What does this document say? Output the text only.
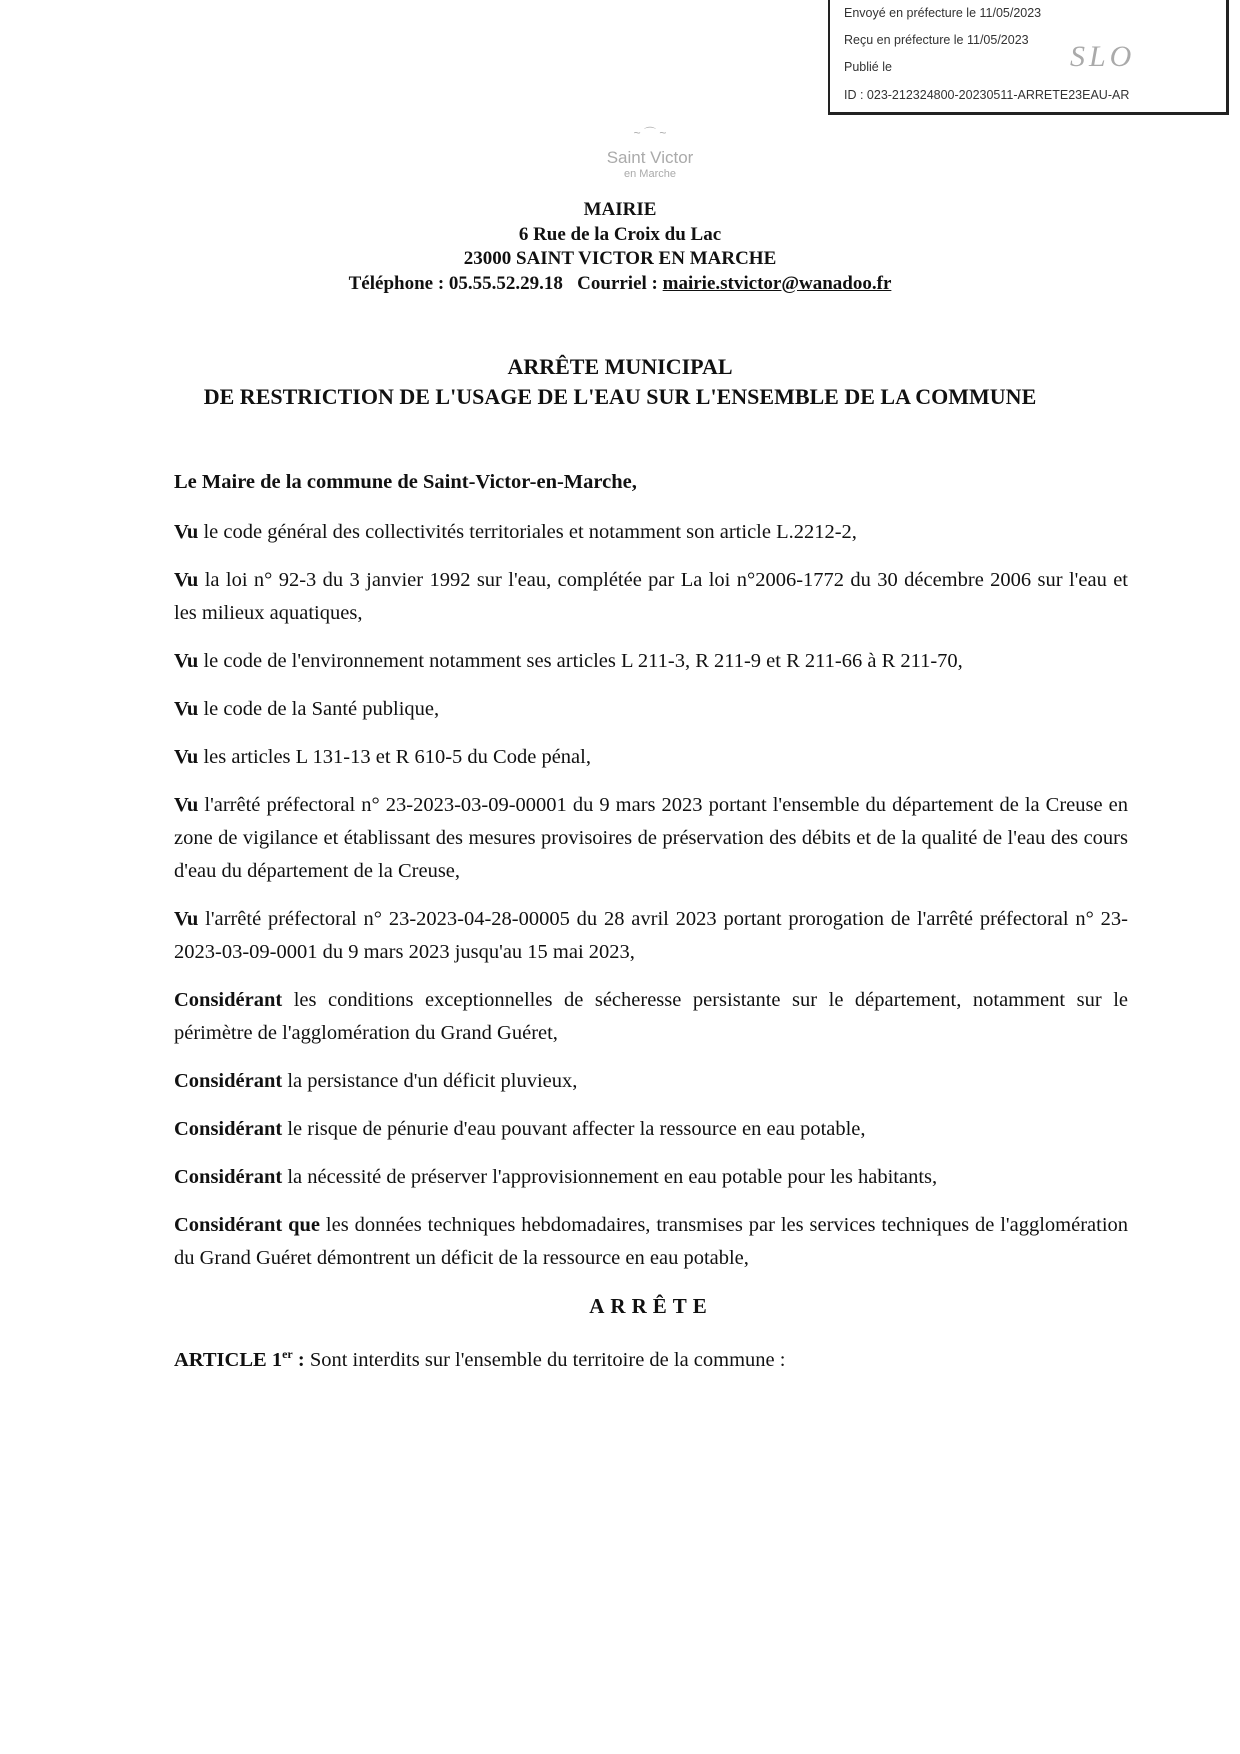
Envoyé en préfecture le 11/05/2023
Reçu en préfecture le 11/05/2023
Publié le	SLO
ID : 023-212324800-20230511-ARRETE23EAU-AR
~ ⌒ ~
Saint Victor
en Marche
MAIRIE
6 Rue de la Croix du Lac
23000 SAINT VICTOR EN MARCHE
Téléphone : 05.55.52.29.18 Courriel : mairie.stvictor@wanadoo.fr
ARRÊTE MUNICIPAL
DE RESTRICTION DE L'USAGE DE L'EAU SUR L'ENSEMBLE DE LA COMMUNE

Le Maire de la commune de Saint-Victor-en-Marche,

Vu le code général des collectivités territoriales et notamment son article L.2212-2,

Vu la loi n° 92-3 du 3 janvier 1992 sur l'eau, complétée par La loi n°2006-1772 du 30 décembre 2006 sur l'eau et les milieux aquatiques,

Vu le code de l'environnement notamment ses articles L 211-3, R 211-9 et R 211-66 à R 211-70,

Vu le code de la Santé publique,

Vu les articles L 131-13 et R 610-5 du Code pénal,

Vu l'arrêté préfectoral n° 23-2023-03-09-00001 du 9 mars 2023 portant l'ensemble du département de la Creuse en zone de vigilance et établissant des mesures provisoires de préservation des débits et de la qualité de l'eau des cours d'eau du département de la Creuse,

Vu l'arrêté préfectoral n° 23-2023-04-28-00005 du 28 avril 2023 portant prorogation de l'arrêté préfectoral n° 23-2023-03-09-0001 du 9 mars 2023 jusqu'au 15 mai 2023,

Considérant les conditions exceptionnelles de sécheresse persistante sur le département, notamment sur le périmètre de l'agglomération du Grand Guéret,

Considérant la persistance d'un déficit pluvieux,

Considérant le risque de pénurie d'eau pouvant affecter la ressource en eau potable,

Considérant la nécessité de préserver l'approvisionnement en eau potable pour les habitants,

Considérant que les données techniques hebdomadaires, transmises par les services techniques de l'agglomération du Grand Guéret démontrent un déficit de la ressource en eau potable,

ARRÊTE

ARTICLE 1er : Sont interdits sur l'ensemble du territoire de la commune :
